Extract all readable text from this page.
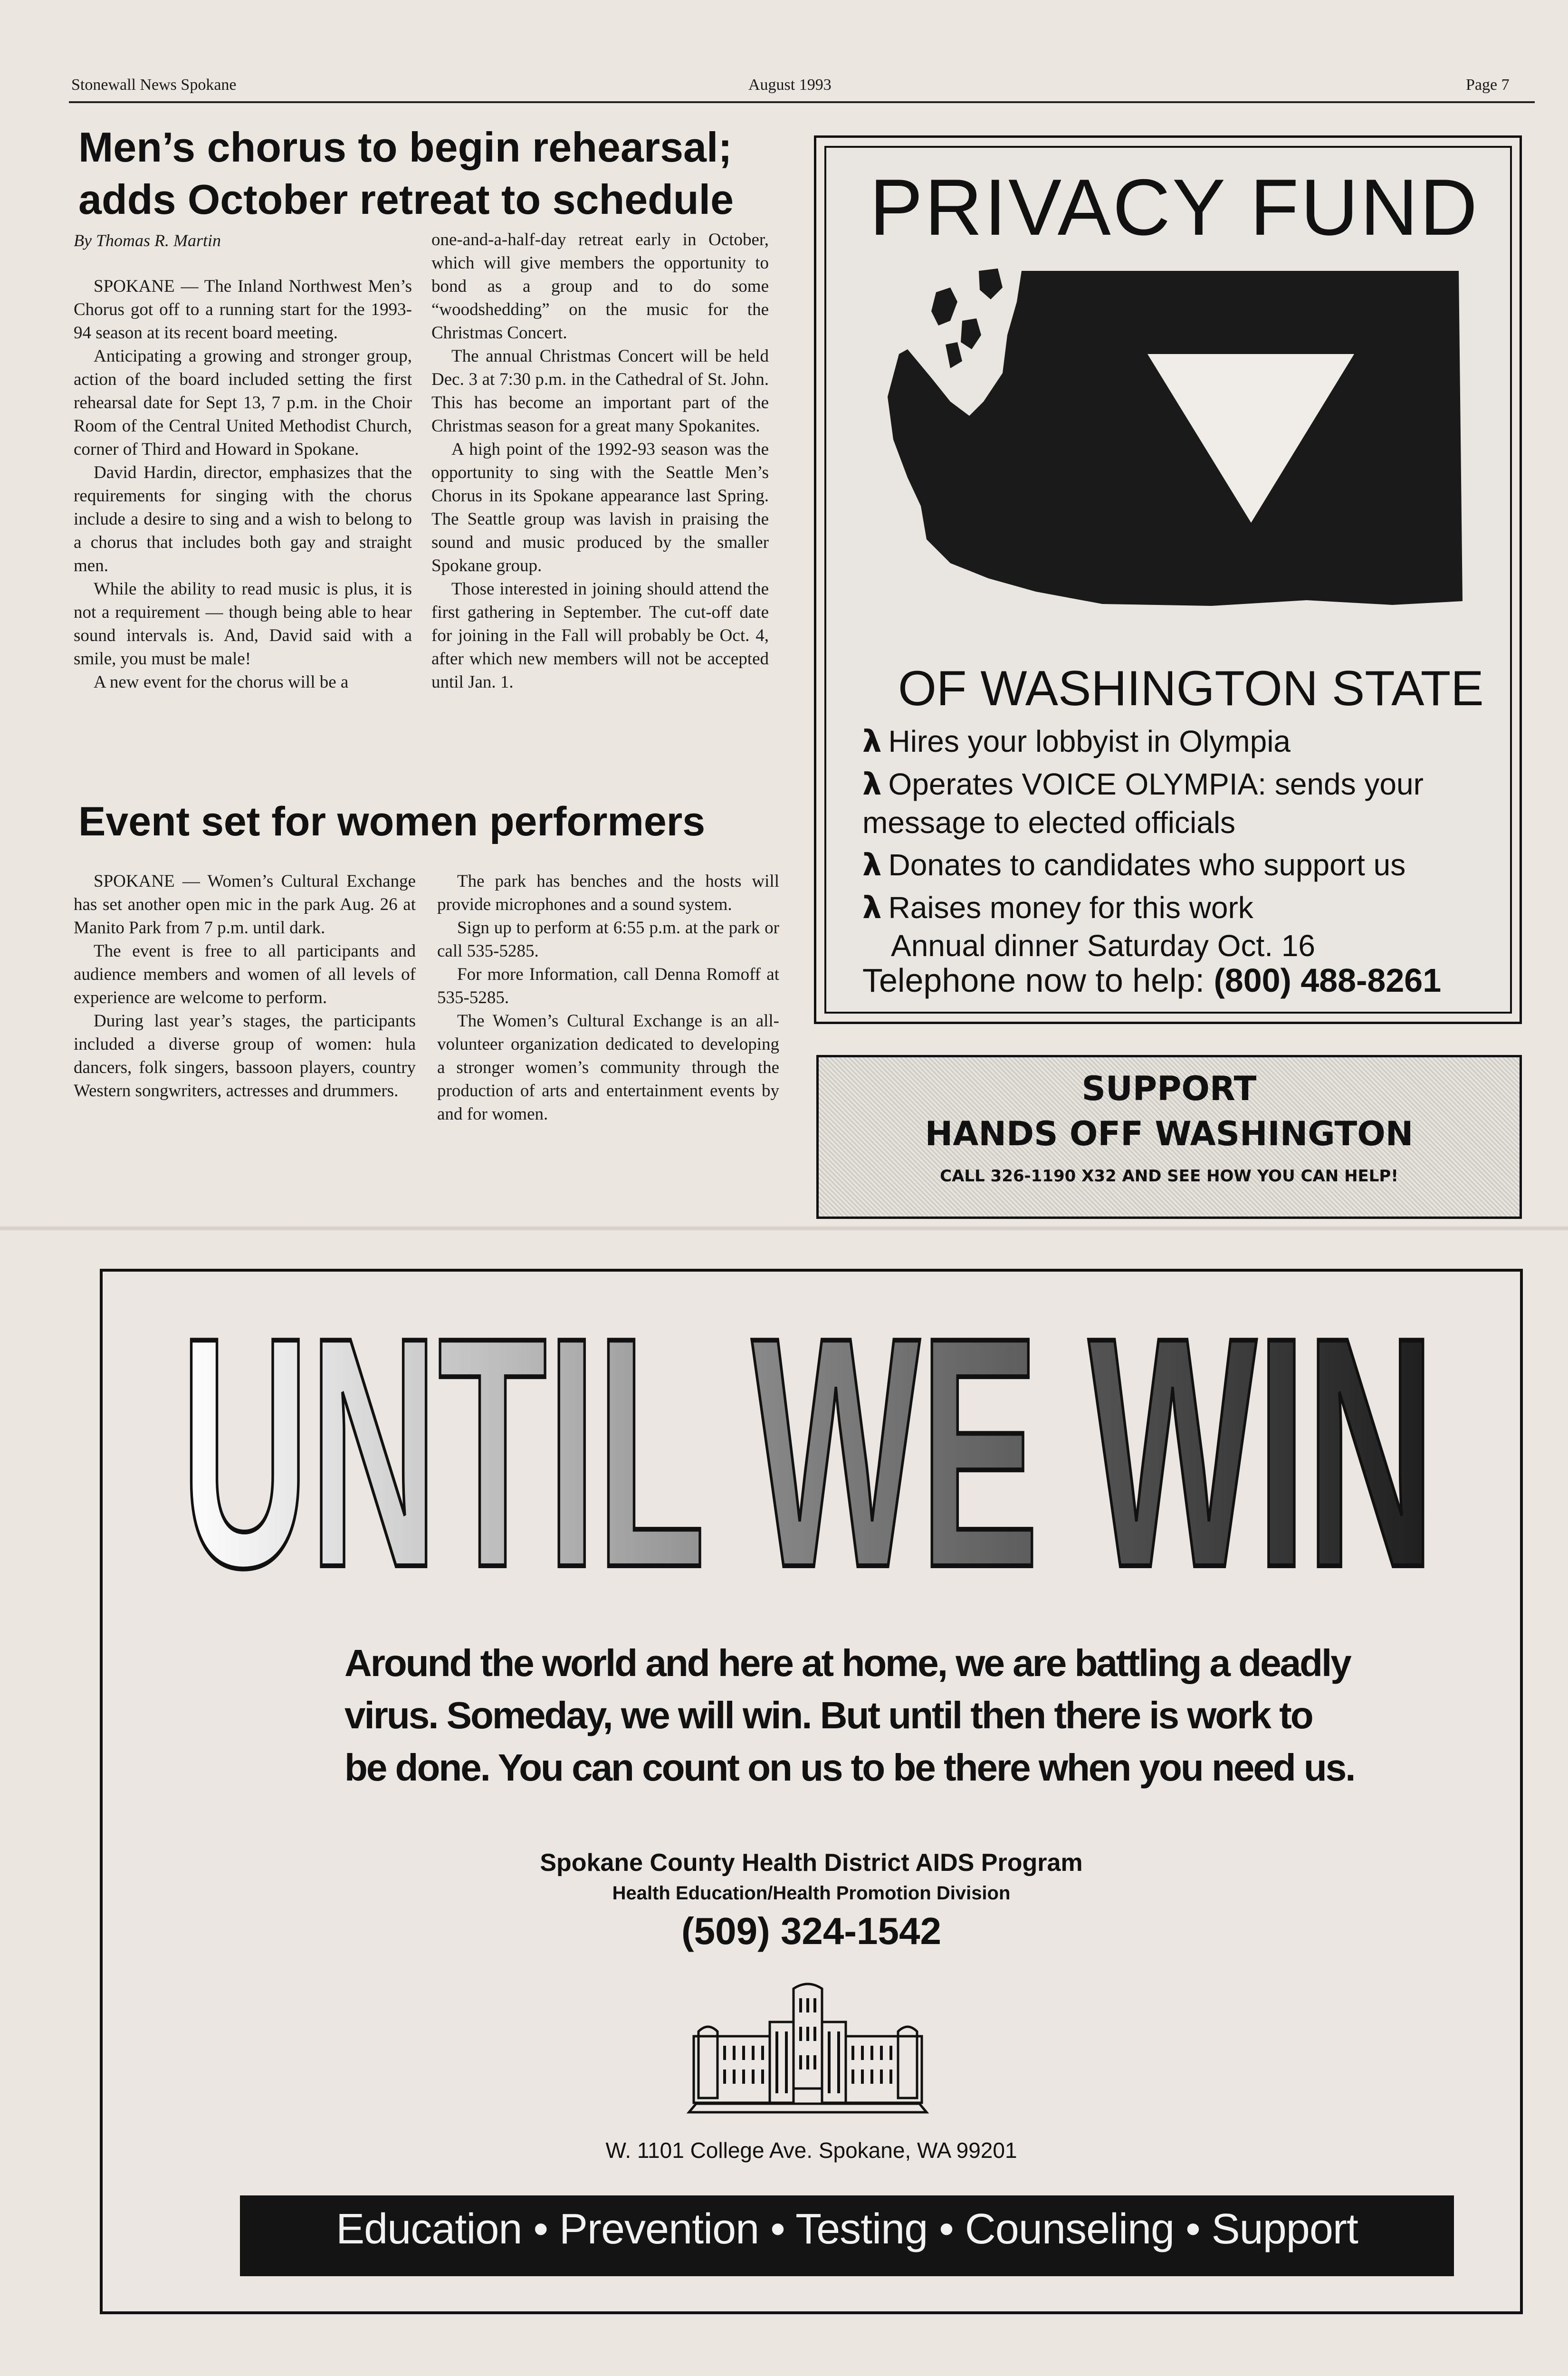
Stonewall News Spokane	August 1993	Page 7
Men’s chorus to begin rehearsal;
adds October retreat to schedule
By Thomas R. Martin

SPOKANE — The Inland Northwest Men’s Chorus got off to a running start for the 1993-94 season at its recent board meeting.

Anticipating a growing and stronger group, action of the board included setting the first rehearsal date for Sept 13, 7 p.m. in the Choir Room of the Central United Methodist Church, corner of Third and Howard in Spokane.

David Hardin, director, emphasizes that the requirements for singing with the chorus include a desire to sing and a wish to belong to a chorus that includes both gay and straight men.

While the ability to read music is plus, it is not a requirement — though being able to hear sound intervals is. And, David said with a smile, you must be male!

A new event for the chorus will be a

one-and-a-half-day retreat early in October, which will give members the opportunity to bond as a group and to do some “woodshedding” on the music for the Christmas Concert.

The annual Christmas Concert will be held Dec. 3 at 7:30 p.m. in the Cathedral of St. John. This has become an important part of the Christmas season for a great many Spokanites.

A high point of the 1992-93 season was the opportunity to sing with the Seattle Men’s Chorus in its Spokane appearance last Spring. The Seattle group was lavish in praising the sound and music produced by the smaller Spokane group.

Those interested in joining should attend the first gathering in September. The cut-off date for joining in the Fall will probably be Oct. 4, after which new members will not be accepted until Jan. 1.

Event set for women performers

SPOKANE — Women’s Cultural Exchange has set another open mic in the park Aug. 26 at Manito Park from 7 p.m. until dark.

The event is free to all participants and audience members and women of all levels of experience are welcome to perform.

During last year’s stages, the participants included a diverse group of women: hula dancers, folk singers, bassoon players, country Western songwriters, actresses and drummers.

The park has benches and the hosts will provide microphones and a sound system.

Sign up to perform at 6:55 p.m. at the park or call 535-5285.

For more Information, call Denna Romoff at 535-5285.

The Women’s Cultural Exchange is an all-volunteer organization dedicated to developing a stronger women’s community through the production of arts and entertainment events by and for women.

PRIVACY FUND
OF WASHINGTON STATE
λ Hires your lobbyist in Olympia
λ Operates VOICE OLYMPIA: sends your message to elected officials
λ Donates to candidates who support us
λ Raises money for this work
Annual dinner Saturday Oct. 16
Telephone now to help: (800) 488-8261
SUPPORT
HANDS OFF WASHINGTON
CALL 326-1190 X32 AND SEE HOW YOU CAN HELP!
UNTIL WE WIN
Around the world and here at home, we are battling a deadly
virus. Someday, we will win. But until then there is work to
be done. You can count on us to be there when you need us.
Spokane County Health District AIDS Program
Health Education/Health Promotion Division
(509) 324-1542
W. 1101 College Ave. Spokane, WA 99201
Education • Prevention • Testing • Counseling • Support
